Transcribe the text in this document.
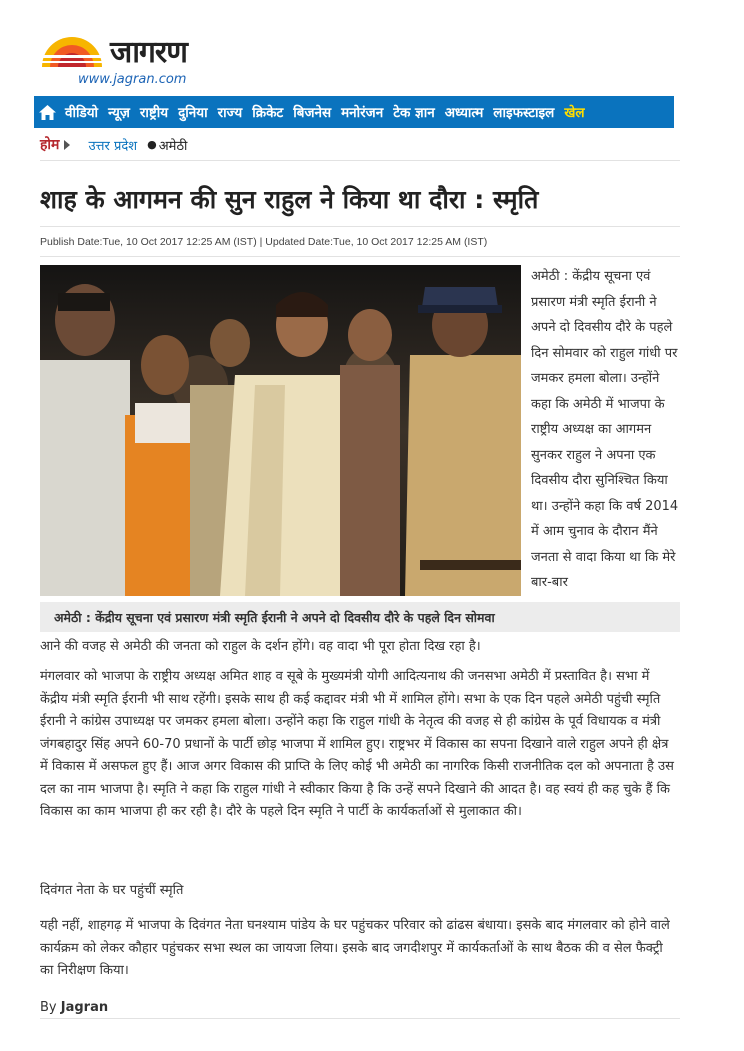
जागरण
www.jagran.com
वीडियो न्यूज़ राष्ट्रीय दुनिया राज्य क्रिकेट बिजनेस मनोरंजन टेक ज्ञान अध्यात्म लाइफस्टाइल खेल
होम उत्तर प्रदेश ● अमेठी
शाह के आगमन की सुन राहुल ने किया था दौरा : स्मृति
Publish Date:Tue, 10 Oct 2017 12:25 AM (IST) | Updated Date:Tue, 10 Oct 2017 12:25 AM (IST)
अमेठी : केंद्रीय सूचना एवं प्रसारण मंत्री स्मृति ईरानी ने अपने दो दिवसीय दौरे के पहले दिन सोमवार को राहुल गांधी पर जमकर हमला बोला। उन्होंने कहा कि अमेठी में भाजपा के राष्ट्रीय अध्यक्ष का आगमन सुनकर राहुल ने अपना एक दिवसीय दौरा सुनिश्चित किया था। उन्होंने कहा कि वर्ष 2014 में आम चुनाव के दौरान मैंने जनता से वादा किया था कि मेरे बार-बार
अमेठी : केंद्रीय सूचना एवं प्रसारण मंत्री स्मृति ईरानी ने अपने दो दिवसीय दौरे के पहले दिन सोमवा

आने की वजह से अमेठी की जनता को राहुल के दर्शन होंगे। वह वादा भी पूरा होता दिख रहा है।

मंगलवार को भाजपा के राष्ट्रीय अध्यक्ष अमित शाह व सूबे के मुख्यमंत्री योगी आदित्यनाथ की जनसभा अमेठी में प्रस्तावित है। सभा में केंद्रीय मंत्री स्मृति ईरानी भी साथ रहेंगी। इसके साथ ही कई कद्दावर मंत्री भी में शामिल होंगे। सभा के एक दिन पहले अमेठी पहुंची स्मृति ईरानी ने कांग्रेस उपाध्यक्ष पर जमकर हमला बोला। उन्होंने कहा कि राहुल गांधी के नेतृत्व की वजह से ही कांग्रेस के पूर्व विधायक व मंत्री जंगबहादुर सिंह अपने 60-70 प्रधानों के पार्टी छोड़ भाजपा में शामिल हुए। राष्ट्रभर में विकास का सपना दिखाने वाले राहुल अपने ही क्षेत्र में विकास में असफल हुए हैं। आज अगर विकास की प्राप्ति के लिए कोई भी अमेठी का नागरिक किसी राजनीतिक दल को अपनाता है उस दल का नाम भाजपा है। स्मृति ने कहा कि राहुल गांधी ने स्वीकार किया है कि उन्हें सपने दिखाने की आदत है। वह स्वयं ही कह चुके हैं कि विकास का काम भाजपा ही कर रही है। दौरे के पहले दिन स्मृति ने पार्टी के कार्यकर्ताओं से मुलाकात की।

दिवंगत नेता के घर पहुंचीं स्मृति

यही नहीं, शाहगढ़ में भाजपा के दिवंगत नेता घनश्याम पांडेय के घर पहुंचकर परिवार को ढांढस बंधाया। इसके बाद मंगलवार को होने वाले कार्यक्रम को लेकर कौहार पहुंचकर सभा स्थल का जायजा लिया। इसके बाद जगदीशपुर में कार्यकर्ताओं के साथ बैठक की व सेल फैक्ट्री का निरीक्षण किया।

By Jagran
